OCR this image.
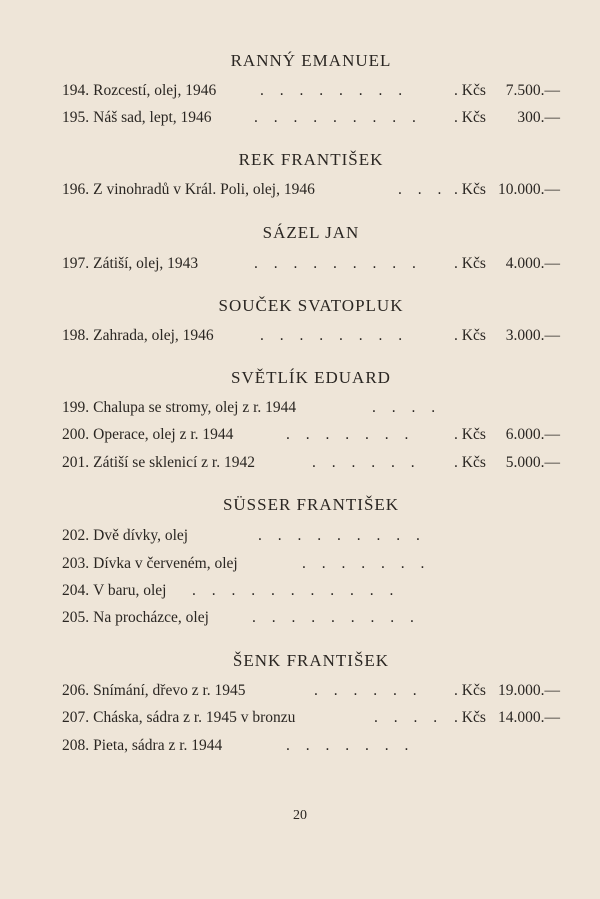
RANNÝ EMANUEL
194. Rozcestí, olej, 1946	. . . . . . . .	. Kčs 7.500.—
195. Náš sad, lept, 1946	. . . . . . . . . . Kčs 300.—
REK FRANTIŠEK
196. Z vinohradů v Král. Poli, olej, 1946	. . . . Kčs 10.000.—
SÁZEL JAN
197. Zátiší, olej, 1943	. . . . . . . . . . Kčs 4.000.—
SOUČEK SVATOPLUK
198. Zahrada, olej, 1946	. . . . . . . .	. Kčs 3.000.—
SVĚTLÍK EDUARD
199. Chalupa se stromy, olej z r. 1944	. . . .
200. Operace, olej z r. 1944	. . . . . . .	. Kčs 6.000.—
201. Zátiší se sklenicí z r. 1942	. . . . . . . Kčs 5.000.—
SÜSSER FRANTIŠEK
202. Dvě dívky, olej	. . . . . . . . .
203. Dívka v červeném, olej	. . . . . . .
204. V baru, olej . . . . . . . . . . .
205. Na procházce, olej	. . . . . . . . .
ŠENK FRANTIŠEK
206. Snímání, dřevo z r. 1945	. . . . . . . Kčs 19.000.—
207. Cháska, sádra z r. 1945 v bronzu	. . . . . Kčs 14.000.—
208. Pieta, sádra z r. 1944	. . . . . . .
20
